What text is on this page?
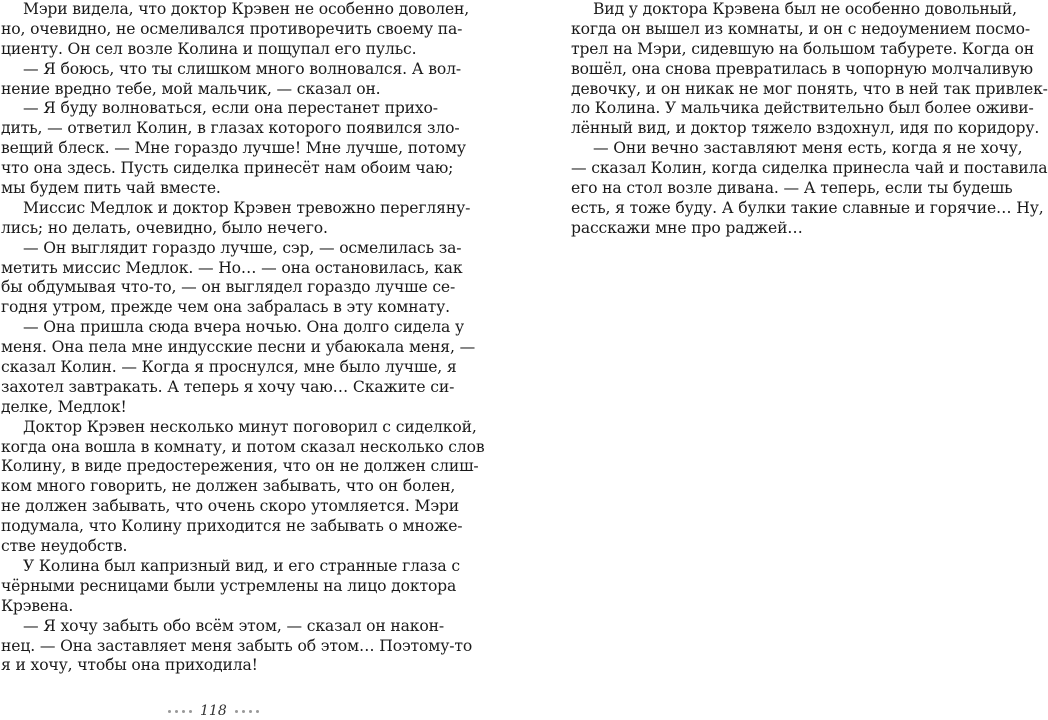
Мэри видела, что доктор Крэвен не особенно доволен,
но, очевидно, не осмеливался противоречить своему па-
циенту. Он сел возле Колина и пощупал его пульс.
— Я боюсь, что ты слишком много волновался. А вол-
нение вредно тебе, мой мальчик, — сказал он.
— Я буду волноваться, если она перестанет прихо-
дить, — ответил Колин, в глазах которого появился зло-
вещий блеск. — Мне гораздо лучше! Мне лучше, потому
что она здесь. Пусть сиделка принесёт нам обоим чаю;
мы будем пить чай вместе.
Миссис Медлок и доктор Крэвен тревожно перегляну-
лись; но делать, очевидно, было нечего.
— Он выглядит гораздо лучше, сэр, — осмелилась за-
метить миссис Медлок. — Но… — она остановилась, как
бы обдумывая что-то, — он выглядел гораздо лучше се-
годня утром, прежде чем она забралась в эту комнату.
— Она пришла сюда вчера ночью. Она долго сидела у
меня. Она пела мне индусские песни и убаюкала меня, —
сказал Колин. — Когда я проснулся, мне было лучше, я
захотел завтракать. А теперь я хочу чаю… Скажите си-
делке, Медлок!
Доктор Крэвен несколько минут поговорил с сиделкой,
когда она вошла в комнату, и потом сказал несколько слов
Колину, в виде предостережения, что он не должен слиш-
ком много говорить, не должен забывать, что он болен,
не должен забывать, что очень скоро утомляется. Мэри
подумала, что Колину приходится не забывать о множе-
стве неудобств.
У Колина был капризный вид, и его странные глаза с
чёрными ресницами были устремлены на лицо доктора
Крэвена.
— Я хочу забыть обо всём этом, — сказал он након-
нец. — Она заставляет меня забыть об этом… Поэтому-то
я и хочу, чтобы она приходила!
Вид у доктора Крэвена был не особенно довольный,
когда он вышел из комнаты, и он с недоумением посмо-
трел на Мэри, сидевшую на большом табурете. Когда он
вошёл, она снова превратилась в чопорную молчаливую
девочку, и он никак не мог понять, что в ней так привлек-
ло Колина. У мальчика действительно был более оживи-
лённый вид, и доктор тяжело вздохнул, идя по коридору.
— Они вечно заставляют меня есть, когда я не хочу,
— сказал Колин, когда сиделка принесла чай и поставила
его на стол возле дивана. — А теперь, если ты будешь
есть, я тоже буду. А булки такие славные и горячие… Ну,
расскажи мне про раджей…
118
